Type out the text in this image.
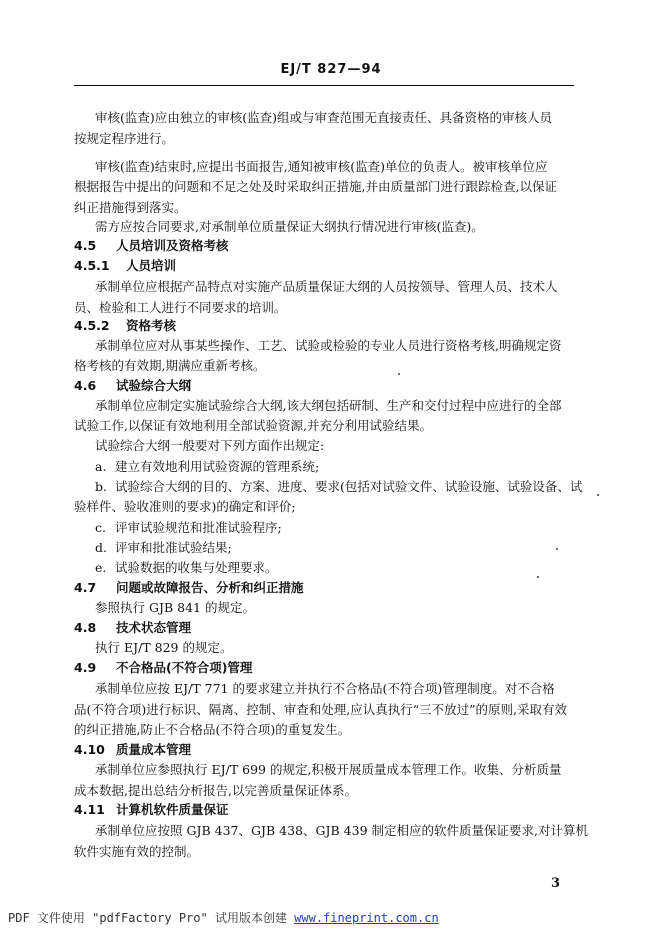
EJ/T 827—94
审核(监查)应由独立的审核(监查)组或与审查范围无直接责任、具备资格的审核人员
按规定程序进行。
审核(监查)结束时,应提出书面报告,通知被审核(监查)单位的负责人。被审核单位应
根据报告中提出的问题和不足之处及时采取纠正措施,并由质量部门进行跟踪检查,以保证
纠正措施得到落实。
需方应按合同要求,对承制单位质量保证大纲执行情况进行审核(监查)。
4.5 人员培训及资格考核
4.5.1 人员培训
承制单位应根据产品特点对实施产品质量保证大纲的人员按领导、管理人员、技术人
员、检验和工人进行不同要求的培训。
4.5.2 资格考核
承制单位应对从事某些操作、工艺、试验或检验的专业人员进行资格考核,明确规定资
格考核的有效期,期满应重新考核。
4.6 试验综合大纲
承制单位应制定实施试验综合大纲,该大纲包括研制、生产和交付过程中应进行的全部
试验工作,以保证有效地利用全部试验资源,并充分利用试验结果。
试验综合大纲一般要对下列方面作出规定:
a. 建立有效地利用试验资源的管理系统;
b. 试验综合大纲的目的、方案、进度、要求(包括对试验文件、试验设施、试验设备、试
验样件、验收准则的要求)的确定和评价;
c. 评审试验规范和批准试验程序;
d. 评审和批准试验结果;
e. 试验数据的收集与处理要求。
4.7 问题或故障报告、分析和纠正措施
参照执行 GJB 841 的规定。
4.8 技术状态管理
执行 EJ/T 829 的规定。
4.9 不合格品(不符合项)管理
承制单位应按 EJ/T 771 的要求建立并执行不合格品(不符合项)管理制度。对不合格
品(不符合项)进行标识、隔离、控制、审查和处理,应认真执行“三不放过”的原则,采取有效
的纠正措施,防止不合格品(不符合项)的重复发生。
4.10 质量成本管理
承制单位应参照执行 EJ/T 699 的规定,积极开展质量成本管理工作。收集、分析质量
成本数据,提出总结分析报告,以完善质量保证体系。
4.11 计算机软件质量保证
承制单位应按照 GJB 437、GJB 438、GJB 439 制定相应的软件质量保证要求,对计算机
软件实施有效的控制。
3
PDF 文件使用 "pdfFactory Pro" 试用版本创建 www.fineprint.com.cn
